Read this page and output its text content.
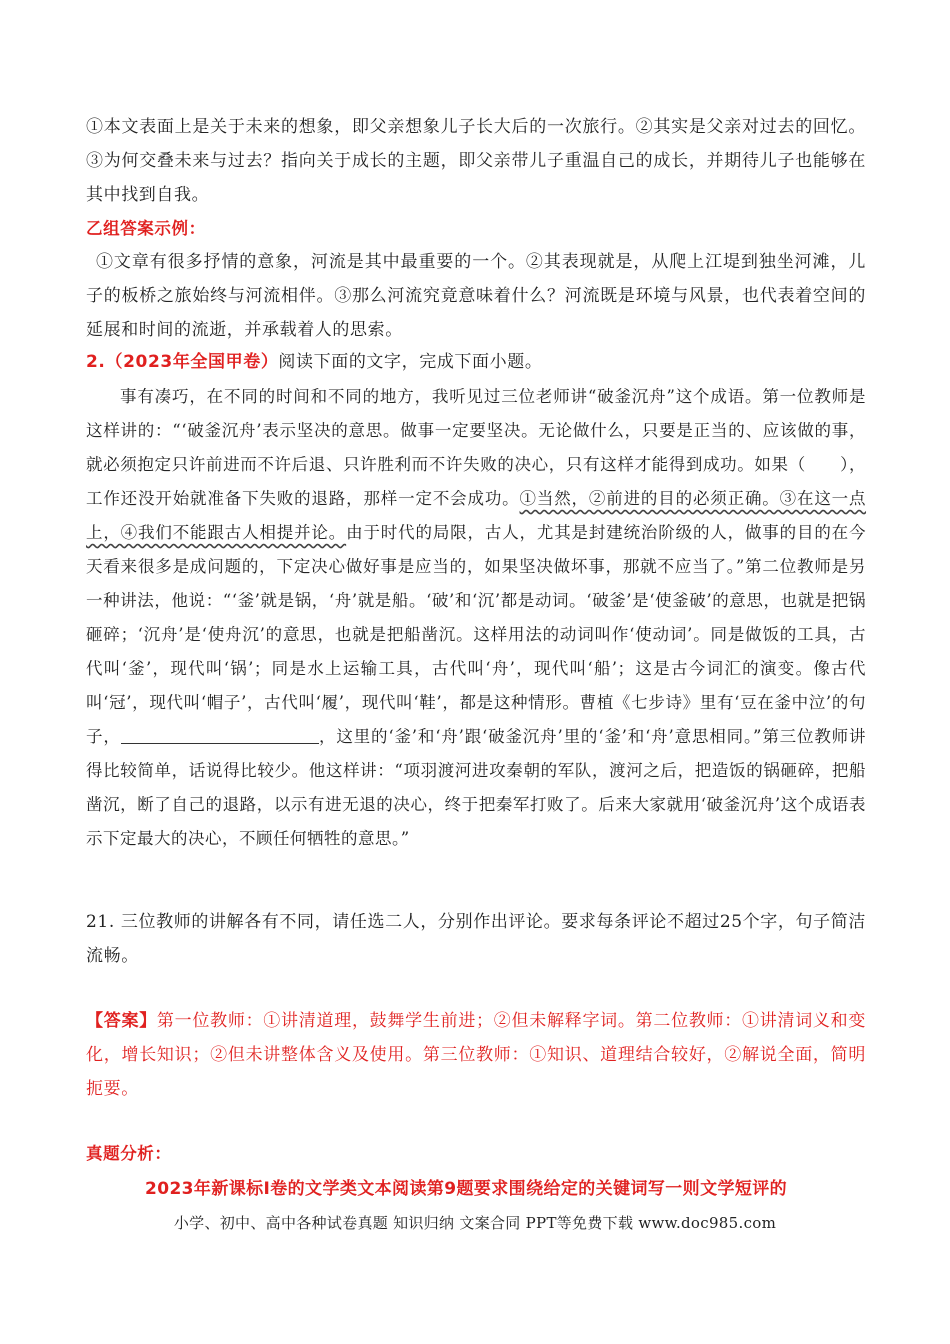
①本文表面上是关于未来的想象，即父亲想象儿子长大后的一次旅行。②其实是父亲对过去的回忆。③为何交叠未来与过去？指向关于成长的主题，即父亲带儿子重温自己的成长，并期待儿子也能够在其中找到自我。

乙组答案示例：

①文章有很多抒情的意象，河流是其中最重要的一个。②其表现就是，从爬上江堤到独坐河滩，儿子的板桥之旅始终与河流相伴。③那么河流究竟意味着什么？河流既是环境与风景，也代表着空间的延展和时间的流逝，并承载着人的思索。

2.（2023年全国甲卷）阅读下面的文字，完成下面小题。

事有凑巧，在不同的时间和不同的地方，我听见过三位老师讲“破釜沉舟”这个成语。第一位教师是这样讲的：“‘破釜沉舟’表示坚决的意思。做事一定要坚决。无论做什么，只要是正当的、应该做的事，就必须抱定只许前进而不许后退、只许胜利而不许失败的决心，只有这样才能得到成功。如果（　　），工作还没开始就准备下失败的退路，那样一定不会成功。①当然，②前进的目的必须正确。③在这一点上，④我们不能跟古人相提并论。由于时代的局限，古人，尤其是封建统治阶级的人，做事的目的在今天看来很多是成问题的，下定决心做好事是应当的，如果坚决做坏事，那就不应当了。”第二位教师是另一种讲法，他说：“‘釜’就是锅，‘舟’就是船。‘破’和‘沉’都是动词。‘破釜’是‘使釜破’的意思，也就是把锅砸碎；‘沉舟’是‘使舟沉’的意思，也就是把船凿沉。这样用法的动词叫作‘使动词’。同是做饭的工具，古代叫‘釜’，现代叫‘锅’；同是水上运输工具，古代叫‘舟’，现代叫‘船’；这是古今词汇的演变。像古代叫‘冠’，现代叫‘帽子’，古代叫‘履’，现代叫‘鞋’，都是这种情形。曹植《七步诗》里有‘豆在釜中泣’的句子，	，这里的‘釜’和‘舟’跟‘破釜沉舟’里的‘釜’和‘舟’意思相同。”第三位教师讲得比较简单，话说得比较少。他这样讲：“项羽渡河进攻秦朝的军队，渡河之后，把造饭的锅砸碎，把船凿沉，断了自己的退路，以示有进无退的决心，终于把秦军打败了。后来大家就用‘破釜沉舟’这个成语表示下定最大的决心，不顾任何牺牲的意思。”

21. 三位教师的讲解各有不同，请任选二人，分别作出评论。要求每条评论不超过25个字，句子简洁流畅。

【答案】第一位教师：①讲清道理，鼓舞学生前进；②但未解释字词。第二位教师：①讲清词义和变化，增长知识；②但未讲整体含义及使用。第三位教师：①知识、道理结合较好，②解说全面，简明扼要。

真题分析：

2023年新课标Ⅰ卷的文学类文本阅读第9题要求围绕给定的关键词写一则文学短评的
小学、初中、高中各种试卷真题 知识归纳 文案合同 PPT等免费下载 www.doc985.com
